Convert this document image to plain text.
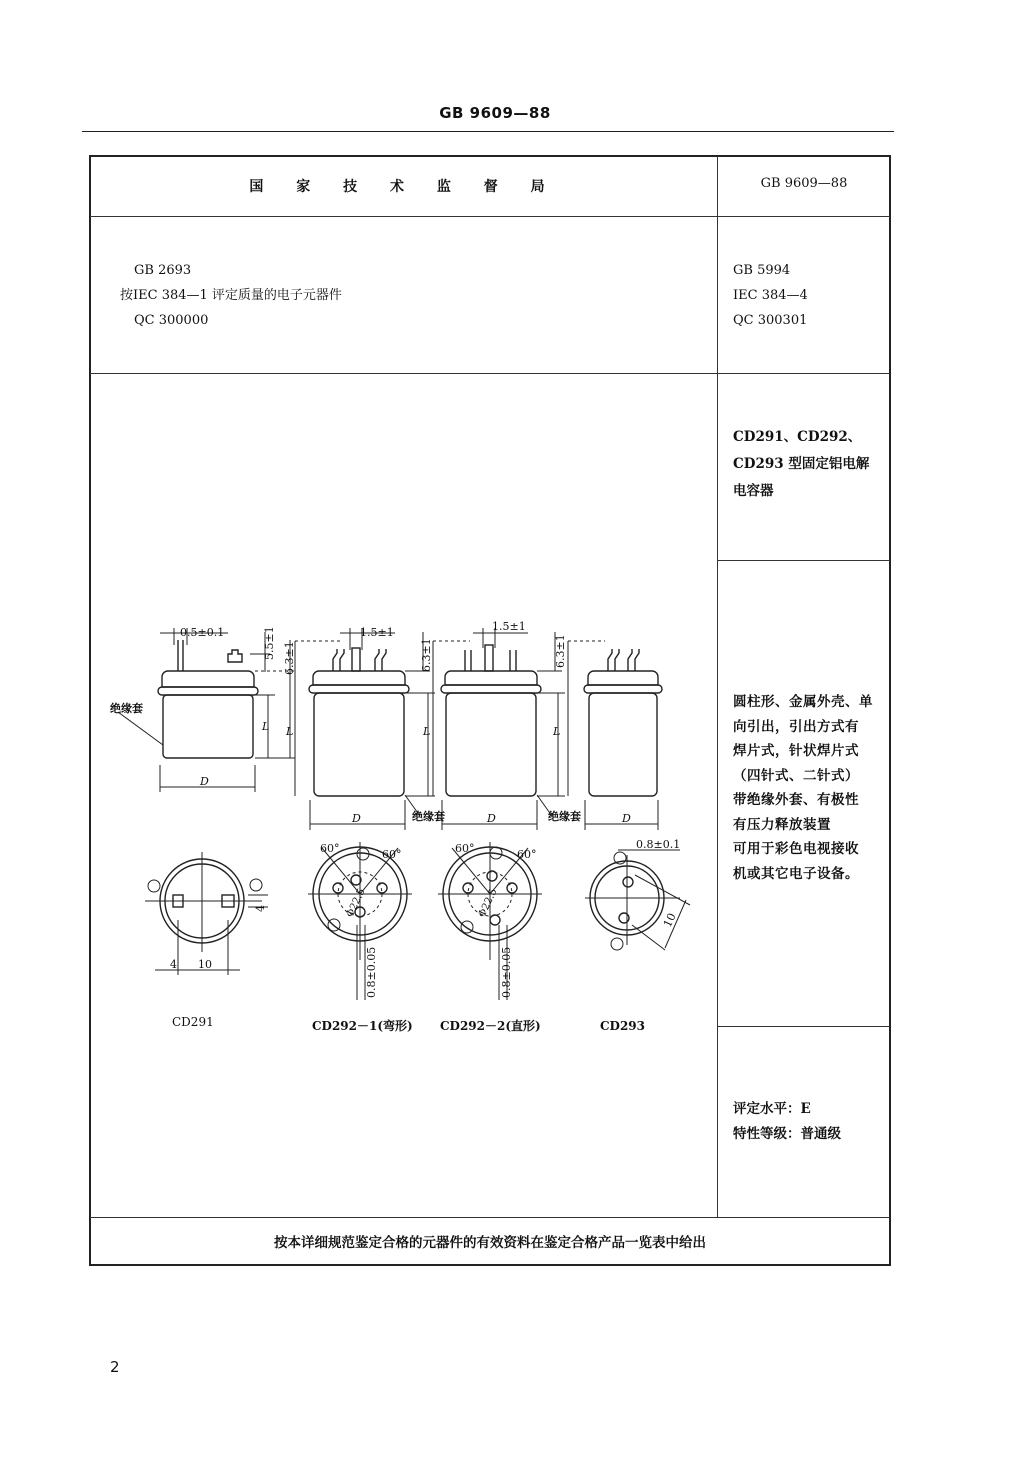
GB 9609—88
国 家 技 术 监 督 局	GB 9609—88
GB 2693
按IEC 384—1 评定质量的电子元器件
QC 300000
GB 5994
IEC 384—4
QC 300301
CD291、CD292、
CD293 型固定铝电解
电容器
圆柱形、金属外壳、单
向引出，引出方式有
焊片式，针状焊片式
（四针式、二针式）
带绝缘外套、有极性
有压力释放装置
可用于彩色电视接收
机或其它电子设备。
评定水平：E
特性等级：普通级
按本详细规范鉴定合格的元器件的有效资料在鉴定合格产品一览表中给出
2
0.5±0.1	1.5±1	1.5±1
5.5±1 6.3±1	6.3±1	6.3±1
D
D	D	D
L L	L	L
绝缘套
绝缘套	绝缘套
60°	60°	60°	60°
Φ22.5	Φ22.5
0.8±0.05	0.8±0.05
0.8±0.1
4 10
4
10
CD291	CD292－1(弯形) CD292－2(直形)	CD293
